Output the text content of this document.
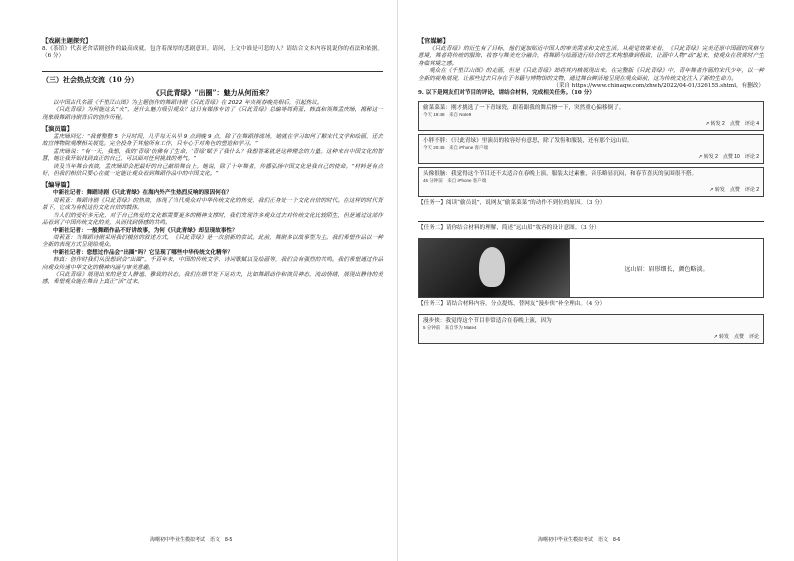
【戏剧主题探究】

8.《茶馆》代表老舍话剧创作的最高成就，包含着深厚的悲剧意识。请问，上文中谁是可悲的人？请结合文本内容说说你的看法和依据。（6 分）

（三）社会热点交流（10 分）

《只此青绿》“出圈”：魅力从何而来？

以中国古代名画《千里江山图》为主题创作的舞蹈诗剧《只此青绿》在 2022 年央视春晚亮相后，引起热议。

《只此青绿》为何能这么“火”，是什么魅力吸引观众？这日有媒体专访了《只此青绿》总编导周莉亚、韩真和领舞孟庆旸，揭秘这一现象级舞蹈诗剧背后的创作历程。

【演员篇】

孟庆旸回忆：“我曾整整 5 个月时间，几乎每天从早 9 点到晚 9 点，除了在舞蹈排练场，她就在学习如何了解宋代文学和绘画，还去故宫博物院观摩相关展览。完全投身于其他所有工作，只专心于对角色的塑造和学习。”

孟庆旸说：“有一天，我想，我的‘青绿’仿佛有了生命，‘青绿’赋予了我什么？我想答案就是这种理念的力量。这种来自中国文化的智慧，她让我开始找到真正的自己，可以面对任何挑战的勇气。”

谈及当年舞台表演，孟庆旸即会把最好的自己献给舞台上。她说，除了十年舞者，传播弘扬中国文化是我自己的使命。“材料是有点好，但我们相信只要心在就一定能让观众看到舞蹈作品中的中国文化。”

【编导篇】

中新社记者：舞蹈诗剧《只此青绿》在海内外产生热烈反响的原因何在？

周莉亚：舞蹈诗剧《只此青绿》的热演，体现了当代观众对中华传统文化的热爱，我们正身处一个文化自信的时代。在这样的时代背景下，它成为有机这份文化自信的载体。

当人们的爱好多元化，对于自己热爱的文化都需要更多的精神支撑时，我们发现许多观众过去对传统文化比较陌生，但是通过这部作品看到了中国传统文化的美，从而找到情感的共鸣。

中新社记者：一般舞蹈作品不好讲故事，为何《只此青绿》却呈现故事性？

周莉亚：当舞蹈诗剧采用我们模仿的叙述方式，《只此青绿》是一次创新的尝试。此前，舞剧多以故事型为主。我们希望作品以一种全新的表现方式呈现给观众。

中新社记者：您想过作品会“出圈”吗？它呈现了哪些中华传统文化精华？

韩真：创作时我们从没想到会“出圈”。千百年来，中国的传统文学、诗词歌赋以及绘画等，我们会有强烈的共鸣。我们希望通过作品向观众传递中华文化的精神内涵与审美意趣。

《只此青绿》展现出来的是女人静谧、雅致的状态。我们在细节处下足功夫，比如舞蹈动作和演员神态，流动情绪，展现出静待的美感，希望观众能在舞台上真正“活”过来。

海曙初中毕业生模拟考试　语文　8-5

【官媒解】

《只此青绿》的衍生有了目标，他们更加贴近中国人的审美需求和文化生活。从视觉效果来看，《只此青绿》完美还原中国画的风格与意境，舞者将传统的服饰、妆容与舞美充分融合，将舞蹈与绘画进行结合的艺术构想推到极致，让画中人物“动”起来，使观众在欣赏时产生身临其境之感。

观众在《千里江山图》的走画，但是《只此青绿》却将其内核展现出来。在完整版《只此青绿》中，青年舞者作画的宋代少年，以一种全新的视角展现，让那些过去只存在于书籍与博物馆的文物，通过舞台鲜活地呈现在观众面前，这为传统文化注入了新的生命力。

（采自 https://www.chinaqw.com/zhwh/2022/04-01/326155.shtml，有删改）

9. 以下是网友们对节目的评论，请结合材料，完成相关任务。（10 分）

偷菜菜菜：刚才挑选了一下青绿瓷，跟着跟我的舞后撩一下，突然重心偏移倒了。
今天 19:48　来自 Note9
↗ 转发 2　点赞　评论 4
小胖不胖：《只此青绿》里演员的妆容好有意思，除了发髻和服装，还有那个远山眉。
今天 20:45　来自 iPhone 客户端
↗ 转发 2　点赞 10　评论 2
头像很脑：我觉得这个节目还不太适合在春晚上演，服装太过素雅，音乐略显沉闷，和春节喜庆的氛围很不搭。
45 分钟前　来自 iPhone 客户端
↗ 转发　点赞　评论 2

【任务一】阅读“偷员说”，说网友“偷菜菜菜”的动作不到位的原因。（3 分）

【任务二】请你结合材料的理解，简述“远山眉”妆容的设计意图。（3 分）

远山眉：眉形细长，颜色略淡。

【任务三】请结合材料内容，分点提炼，替网友“漫步侠”补全理由。（4 分）

漫步侠：我觉得这个节目非常适合在春晚上演，因为
5 分钟前　来自华为 Mate4
↗ 转发　点赞　评论
海曙初中毕业生模拟考试　语文　8-6
